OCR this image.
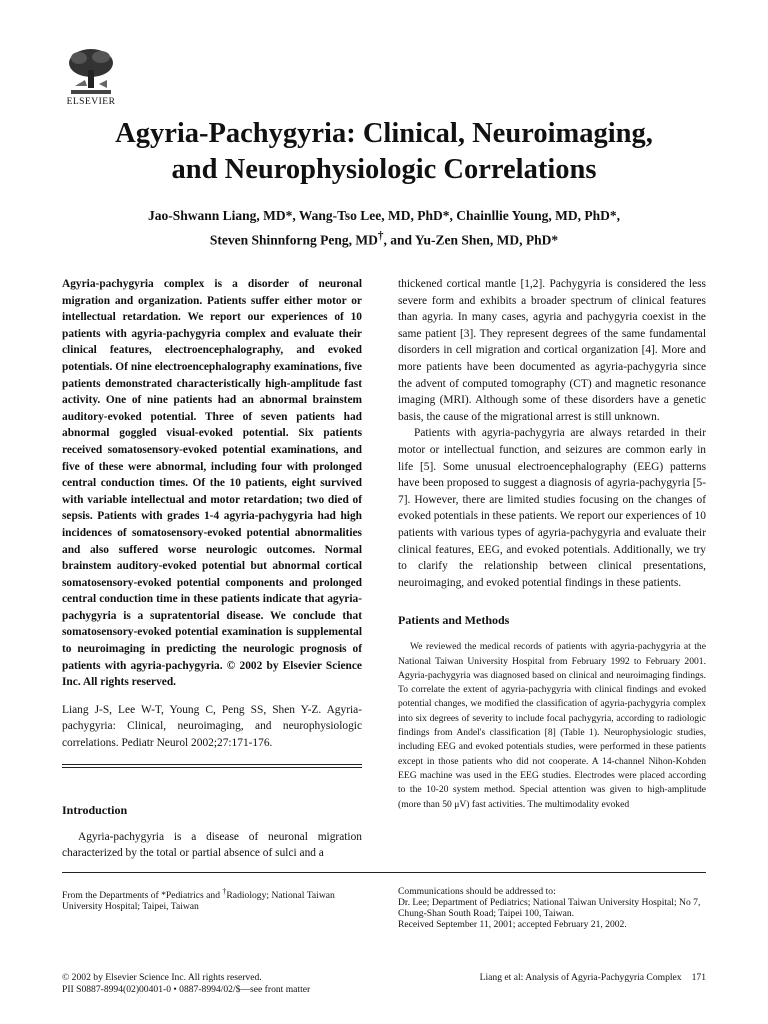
ELSEVIER
Agyria-Pachygyria: Clinical, Neuroimaging,
and Neurophysiologic Correlations
Jao-Shwann Liang, MD*, Wang-Tso Lee, MD, PhD*, Chainllie Young, MD, PhD*,
Steven Shinnforng Peng, MD†, and Yu-Zen Shen, MD, PhD*

Agyria-pachygyria complex is a disorder of neuronal migration and organization. Patients suffer either motor or intellectual retardation. We report our experiences of 10 patients with agyria-pachygyria complex and evaluate their clinical features, electroencephalography, and evoked potentials. Of nine electroencephalography examinations, five patients demonstrated characteristically high-amplitude fast activity. One of nine patients had an abnormal brainstem auditory-evoked potential. Three of seven patients had abnormal goggled visual-evoked potential. Six patients received somatosensory-evoked potential examinations, and five of these were abnormal, including four with prolonged central conduction times. Of the 10 patients, eight survived with variable intellectual and motor retardation; two died of sepsis. Patients with grades 1-4 agyria-pachygyria had high incidences of somatosensory-evoked potential abnormalities and also suffered worse neurologic outcomes. Normal brainstem auditory-evoked potential but abnormal cortical somatosensory-evoked potential components and prolonged central conduction time in these patients indicate that agyria-pachygyria is a supratentorial disease. We conclude that somatosensory-evoked potential examination is supplemental to neuroimaging in predicting the neurologic prognosis of patients with agyria-pachygyria. © 2002 by Elsevier Science Inc. All rights reserved.

Liang J-S, Lee W-T, Young C, Peng SS, Shen Y-Z. Agyria-pachygyria: Clinical, neuroimaging, and neurophysiologic correlations. Pediatr Neurol 2002;27:171-176.

Introduction

Agyria-pachygyria is a disease of neuronal migration characterized by the total or partial absence of sulci and a

thickened cortical mantle [1,2]. Pachygyria is considered the less severe form and exhibits a broader spectrum of clinical features than agyria. In many cases, agyria and pachygyria coexist in the same patient [3]. They represent degrees of the same fundamental disorders in cell migration and cortical organization [4]. More and more patients have been documented as agyria-pachygyria since the advent of computed tomography (CT) and magnetic resonance imaging (MRI). Although some of these disorders have a genetic basis, the cause of the migrational arrest is still unknown.

Patients with agyria-pachygyria are always retarded in their motor or intellectual function, and seizures are common early in life [5]. Some unusual electroencephalography (EEG) patterns have been proposed to suggest a diagnosis of agyria-pachygyria [5-7]. However, there are limited studies focusing on the changes of evoked potentials in these patients. We report our experiences of 10 patients with various types of agyria-pachygyria and evaluate their clinical features, EEG, and evoked potentials. Additionally, we try to clarify the relationship between clinical presentations, neuroimaging, and evoked potential findings in these patients.

Patients and Methods

We reviewed the medical records of patients with agyria-pachygyria at the National Taiwan University Hospital from February 1992 to February 2001. Agyria-pachygyria was diagnosed based on clinical and neuroimaging findings. To correlate the extent of agyria-pachygyria with clinical findings and evoked potential changes, we modified the classification of agyria-pachygyria complex into six degrees of severity to include focal pachygyria, according to radiologic findings from Andel's classification [8] (Table 1). Neurophysiologic studies, including EEG and evoked potentials studies, were performed in these patients except in those patients who did not cooperate. A 14-channel Nihon-Kohden EEG machine was used in the EEG studies. Electrodes were placed according to the 10-20 system method. Special attention was given to high-amplitude (more than 50 μV) fast activities. The multimodality evoked

From the Departments of *Pediatrics and †Radiology; National Taiwan University Hospital; Taipei, Taiwan
Communications should be addressed to:
Dr. Lee; Department of Pediatrics; National Taiwan University Hospital; No 7, Chung-Shan South Road; Taipei 100, Taiwan.
Received September 11, 2001; accepted February 21, 2002.
© 2002 by Elsevier Science Inc. All rights reserved.
PII S0887-8994(02)00401-0 • 0887-8994/02/$—see front matter
Liang et al: Analysis of Agyria-Pachygyria Complex 171
